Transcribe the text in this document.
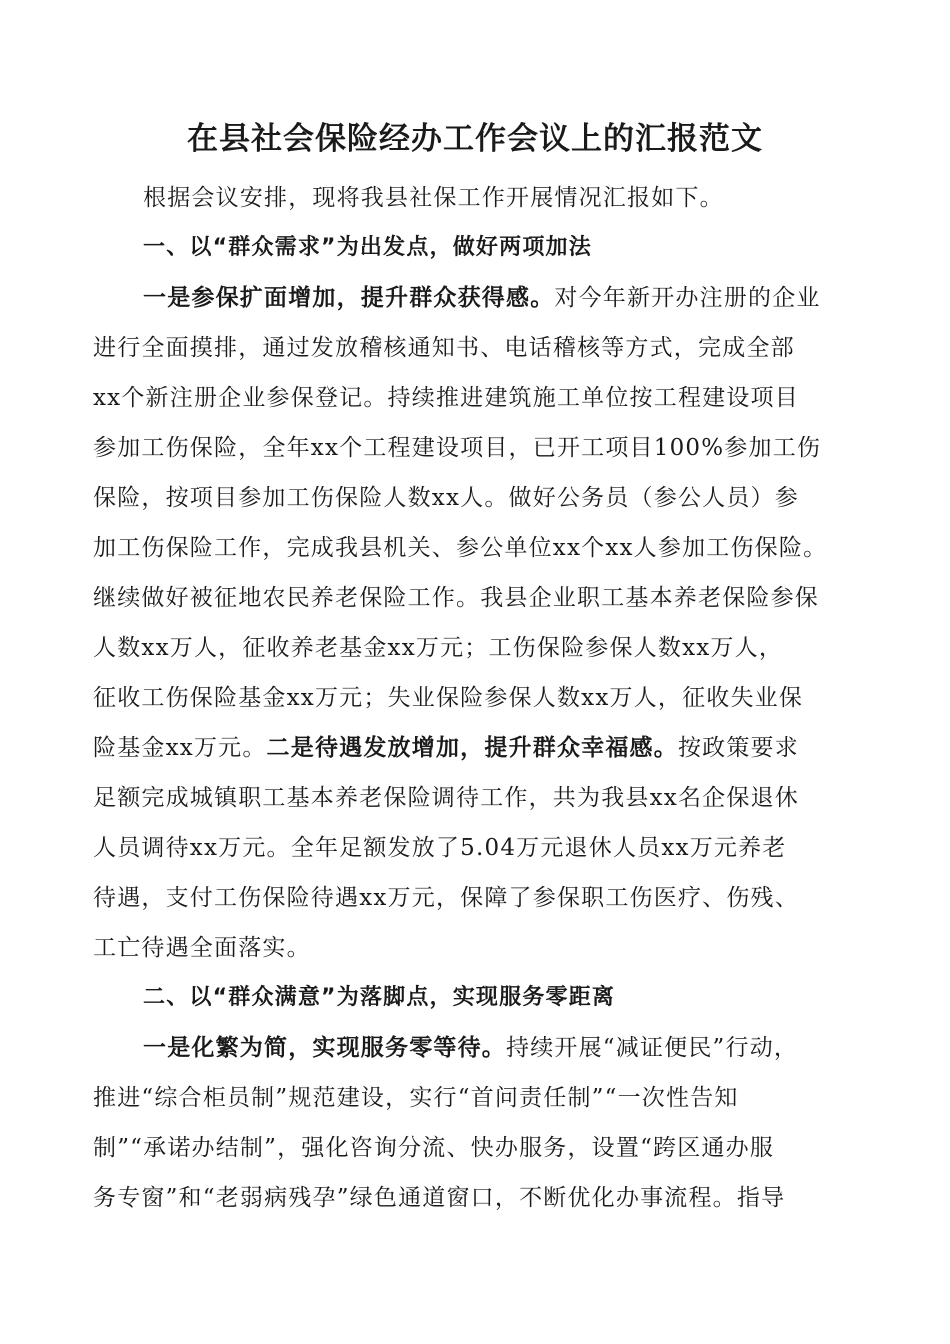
在县社会保险经办工作会议上的汇报范文
根据会议安排，现将我县社保工作开展情况汇报如下。
一、以“群众需求”为出发点，做好两项加法
一是参保扩面增加，提升群众获得感。对今年新开办注册的企业
进行全面摸排，通过发放稽核通知书、电话稽核等方式，完成全部
xx个新注册企业参保登记。持续推进建筑施工单位按工程建设项目
参加工伤保险，全年xx个工程建设项目，已开工项目100%参加工伤
保险，按项目参加工伤保险人数xx人。做好公务员（参公人员）参
加工伤保险工作，完成我县机关、参公单位xx个xx人参加工伤保险。
继续做好被征地农民养老保险工作。我县企业职工基本养老保险参保
人数xx万人，征收养老基金xx万元；工伤保险参保人数xx万人，
征收工伤保险基金xx万元；失业保险参保人数xx万人，征收失业保
险基金xx万元。二是待遇发放增加，提升群众幸福感。按政策要求
足额完成城镇职工基本养老保险调待工作，共为我县xx名企保退休
人员调待xx万元。全年足额发放了5.04万元退休人员xx万元养老
待遇，支付工伤保险待遇xx万元，保障了参保职工伤医疗、伤残、
工亡待遇全面落实。
二、以“群众满意”为落脚点，实现服务零距离
一是化繁为简，实现服务零等待。持续开展“减证便民”行动，
推进“综合柜员制”规范建设，实行“首问责任制”“一次性告知
制”“承诺办结制”，强化咨询分流、快办服务，设置“跨区通办服
务专窗”和“老弱病残孕”绿色通道窗口，不断优化办事流程。指导
